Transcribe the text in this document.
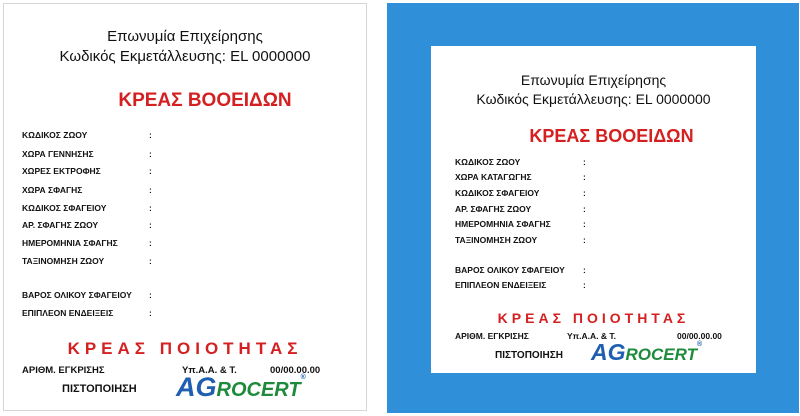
Επωνυμία Επιχείρησης
Κωδικός Εκμετάλλευσης: EL 0000000
ΚΡΕΑΣ ΒΟΟΕΙΔΩΝ
ΚΩΔΙΚΟΣ ΖΩΟΥ	:
ΧΩΡΑ ΓΕΝΝΗΣΗΣ	:
ΧΩΡΕΣ ΕΚΤΡΟΦΗΣ	:
ΧΩΡΑ ΣΦΑΓΗΣ	:
ΚΩΔΙΚΟΣ ΣΦΑΓΕΙΟΥ	:
ΑΡ. ΣΦΑΓΗΣ ΖΩΟΥ	:
ΗΜΕΡΟΜΗΝΙΑ ΣΦΑΓΗΣ	:
ΤΑΞΙΝΟΜΗΣΗ ΖΩΟΥ	:
ΒΑΡΟΣ ΟΛΙΚΟΥ ΣΦΑΓΕΙΟΥ :
ΕΠΙΠΛΕΟΝ ΕΝΔΕΙΞΕΙΣ	:
ΚΡΕΑΣ ΠΟΙΟΤΗΤΑΣ
ΑΡΙΘΜ. ΕΓΚΡΙΣΗΣ	Υπ.Α.Α. & Τ.	00/00.00.00
ΠΙΣΤΟΠΟΙΗΣΗ AGROCERT®
Επωνυμία Επιχείρησης
Κωδικός Εκμετάλλευσης: EL 0000000
ΚΡΕΑΣ ΒΟΟΕΙΔΩΝ
ΚΩΔΙΚΟΣ ΖΩΟΥ	:
ΧΩΡΑ ΚΑΤΑΓΩΓΗΣ	:
ΚΩΔΙΚΟΣ ΣΦΑΓΕΙΟΥ	:
ΑΡ. ΣΦΑΓΗΣ ΖΩΟΥ	:
ΗΜΕΡΟΜΗΝΙΑ ΣΦΑΓΗΣ	:
ΤΑΞΙΝΟΜΗΣΗ ΖΩΟΥ	:
ΒΑΡΟΣ ΟΛΙΚΟΥ ΣΦΑΓΕΙΟΥ :
ΕΠΙΠΛΕΟΝ ΕΝΔΕΙΞΕΙΣ	:
ΚΡΕΑΣ ΠΟΙΟΤΗΤΑΣ
ΑΡΙΘΜ. ΕΓΚΡΙΣΗΣ	Υπ.Α.Α. & Τ.	00/00.00.00
ΠΙΣΤΟΠΟΙΗΣΗ AGROCERT®
